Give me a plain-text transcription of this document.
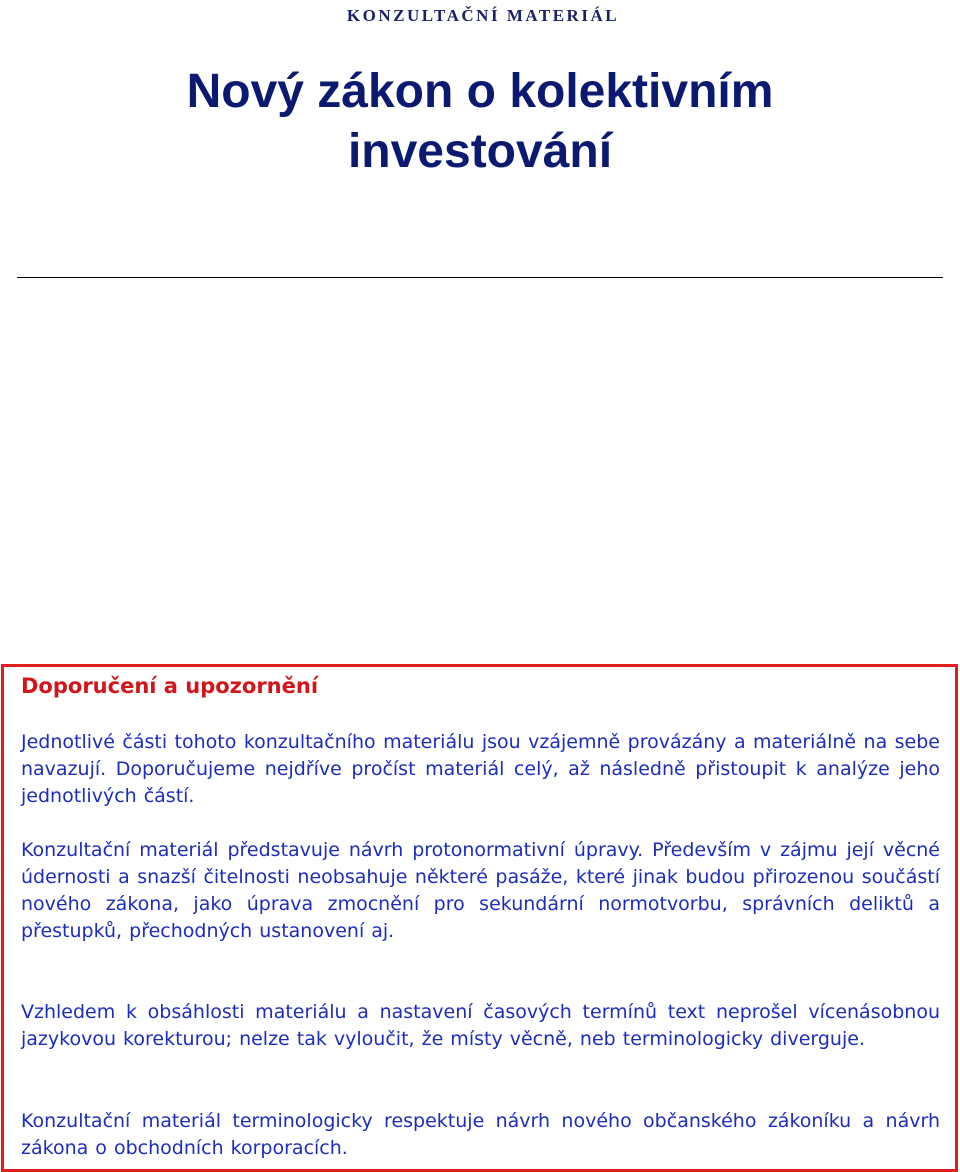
KONZULTAČNÍ MATERIÁL
Nový zákon o kolektivním
investování
Doporučení a upozornění

Jednotlivé části tohoto konzultačního materiálu jsou vzájemně provázány a materiálně na sebe navazují. Doporučujeme nejdříve pročíst materiál celý, až následně přistoupit k analýze jeho jednotlivých částí.

Konzultační materiál představuje návrh protonormativní úpravy. Především v zájmu její věcné údernosti a snazší čitelnosti neobsahuje některé pasáže, které jinak budou přirozenou součástí nového zákona, jako úprava zmocnění pro sekundární normotvorbu, správních deliktů a přestupků, přechodných ustanovení aj.

Vzhledem k obsáhlosti materiálu a nastavení časových termínů text neprošel vícenásobnou jazykovou korekturou; nelze tak vyloučit, že místy věcně, neb terminologicky diverguje.

Konzultační materiál terminologicky respektuje návrh nového občanského zákoníku a návrh zákona o obchodních korporacích.
